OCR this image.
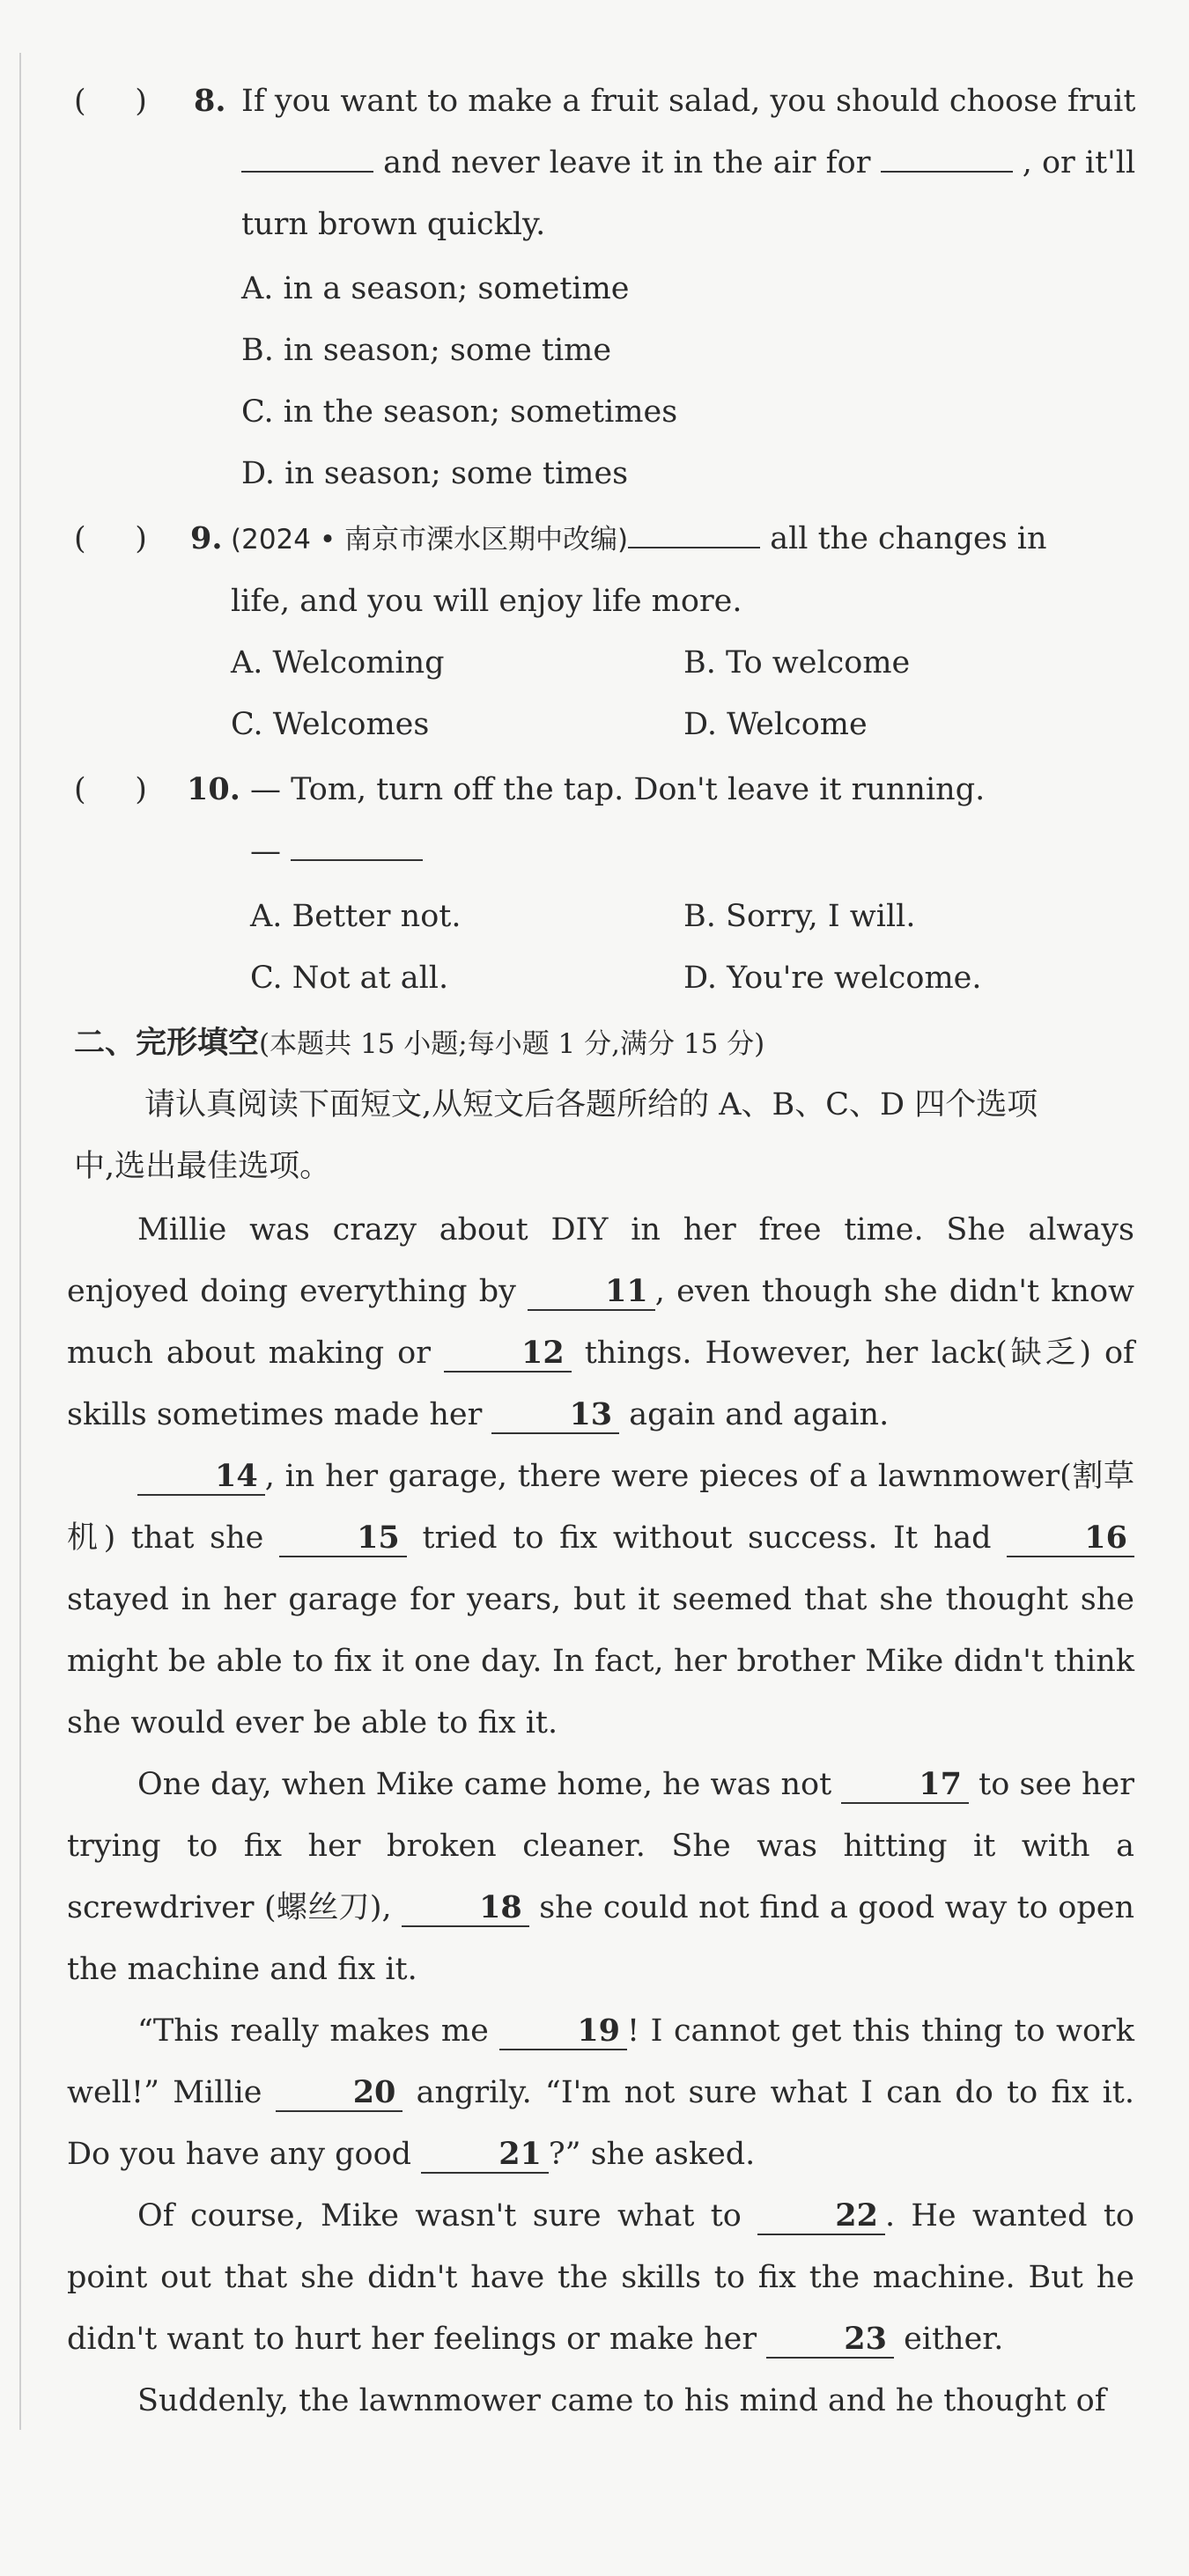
(     ) 8. If you want to make a fruit salad, you should choose fruit
and never leave it in the air for	, or it'll
turn brown quickly.
A. in a season; sometime
B. in season; some time
C. in the season; sometimes
D. in season; some times
(     ) 9. (2024 • 南京市溧水区期中改编)	all the changes in
life, and you will enjoy life more.
A. Welcoming	B. To welcome
C. Welcomes	D. Welcome
(     ) 10. — Tom, turn off the tap. Don't leave it running.
—
A. Better not.	B. Sorry, I will.
C. Not at all.	D. You're welcome.
二、完形填空(本题共 15 小题;每小题 1 分,满分 15 分)
请认真阅读下面短文,从短文后各题所给的 A、B、C、D 四个选项
中,选出最佳选项。

Millie was crazy about DIY in her free time. She always enjoyed doing everything by	11 , even though she didn't know much about making or	12 things. However, her lack(缺乏) of skills sometimes made her	13 again and again.

14 , in her garage, there were pieces of a lawnmower(割草机) that she	15 tried to fix without success. It had	16 stayed in her garage for years, but it seemed that she thought she might be able to fix it one day. In fact, her brother Mike didn't think she would ever be able to fix it.

One day, when Mike came home, he was not	17 to see her trying to fix her broken cleaner. She was hitting it with a screwdriver (螺丝刀),	18 she could not find a good way to open the machine and fix it.

“This really makes me	19 ! I cannot get this thing to work well!” Millie	20 angrily. “I'm not sure what I can do to fix it. Do you have any good	21 ?” she asked.

Of course, Mike wasn't sure what to	22 . He wanted to point out that she didn't have the skills to fix the machine. But he didn't want to hurt her feelings or make her	23 either.

Suddenly, the lawnmower came to his mind and he thought of
